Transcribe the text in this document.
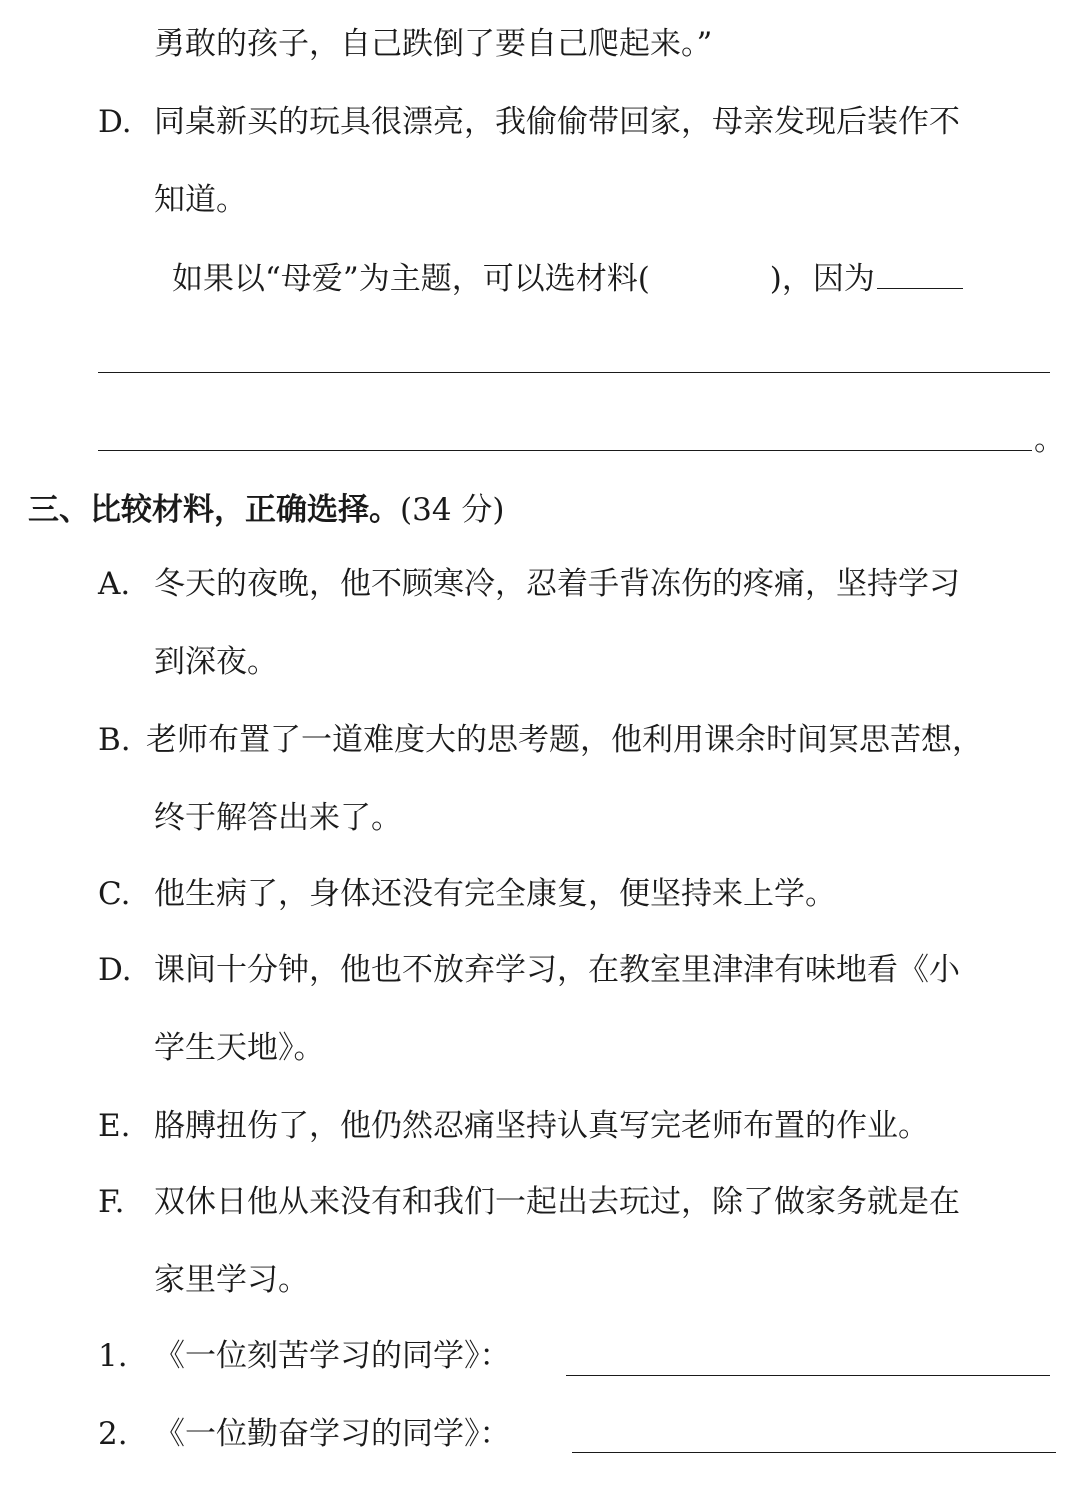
勇敢的孩子，自己跌倒了要自己爬起来。”
D. 同桌新买的玩具很漂亮，我偷偷带回家，母亲发现后装作不
知道。
如果以“母爱”为主题，可以选材料(	)，因为
。
三、比较材料，正确选择。(34 分)
A. 冬天的夜晚，他不顾寒冷，忍着手背冻伤的疼痛，坚持学习
到深夜。
B. 老师布置了一道难度大的思考题，他利用课余时间冥思苦想，
终于解答出来了。
C. 他生病了，身体还没有完全康复，便坚持来上学。
D. 课间十分钟，他也不放弃学习，在教室里津津有味地看《小
学生天地》。
E. 胳膊扭伤了，他仍然忍痛坚持认真写完老师布置的作业。
F. 双休日他从来没有和我们一起出去玩过，除了做家务就是在
家里学习。
1. 《一位刻苦学习的同学》：
2. 《一位勤奋学习的同学》：
